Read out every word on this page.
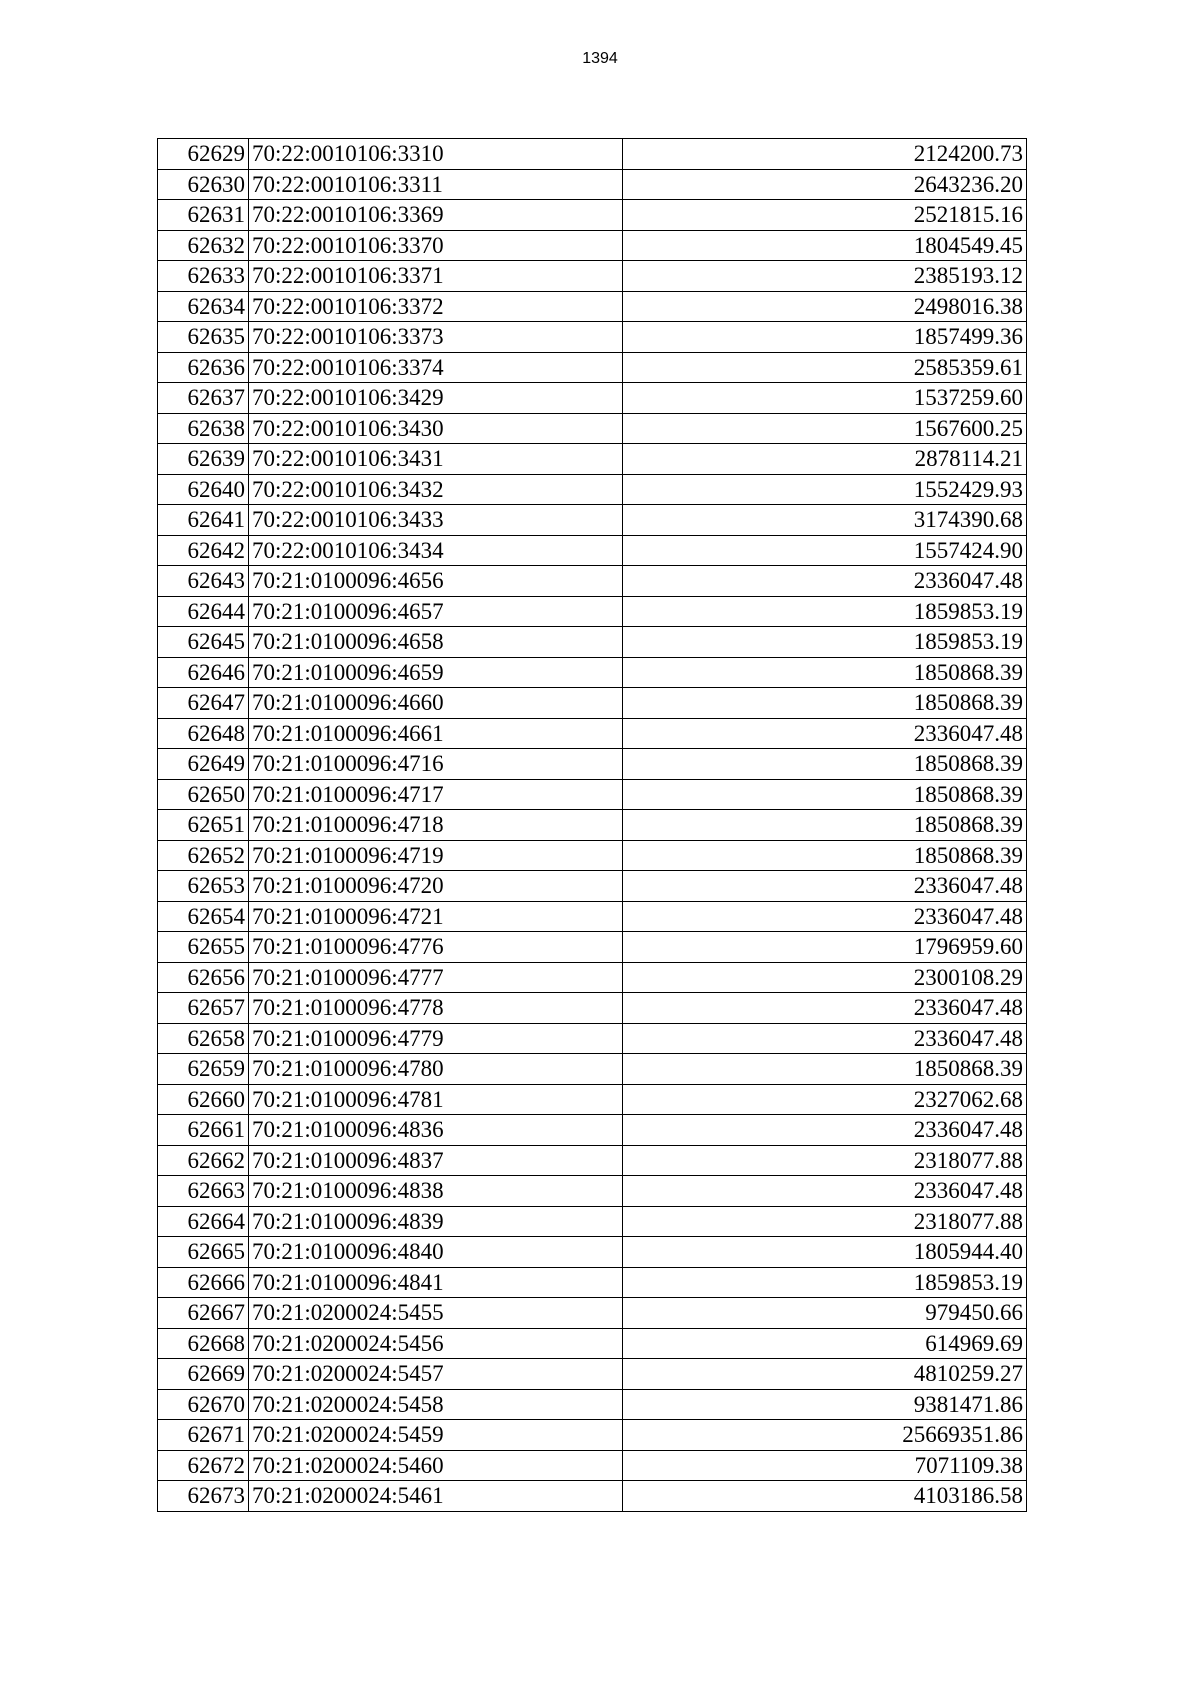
1394
62629	70:22:0010106:3310	2124200.73
62630	70:22:0010106:3311	2643236.20
62631	70:22:0010106:3369	2521815.16
62632	70:22:0010106:3370	1804549.45
62633	70:22:0010106:3371	2385193.12
62634	70:22:0010106:3372	2498016.38
62635	70:22:0010106:3373	1857499.36
62636	70:22:0010106:3374	2585359.61
62637	70:22:0010106:3429	1537259.60
62638	70:22:0010106:3430	1567600.25
62639	70:22:0010106:3431	2878114.21
62640	70:22:0010106:3432	1552429.93
62641	70:22:0010106:3433	3174390.68
62642	70:22:0010106:3434	1557424.90
62643	70:21:0100096:4656	2336047.48
62644	70:21:0100096:4657	1859853.19
62645	70:21:0100096:4658	1859853.19
62646	70:21:0100096:4659	1850868.39
62647	70:21:0100096:4660	1850868.39
62648	70:21:0100096:4661	2336047.48
62649	70:21:0100096:4716	1850868.39
62650	70:21:0100096:4717	1850868.39
62651	70:21:0100096:4718	1850868.39
62652	70:21:0100096:4719	1850868.39
62653	70:21:0100096:4720	2336047.48
62654	70:21:0100096:4721	2336047.48
62655	70:21:0100096:4776	1796959.60
62656	70:21:0100096:4777	2300108.29
62657	70:21:0100096:4778	2336047.48
62658	70:21:0100096:4779	2336047.48
62659	70:21:0100096:4780	1850868.39
62660	70:21:0100096:4781	2327062.68
62661	70:21:0100096:4836	2336047.48
62662	70:21:0100096:4837	2318077.88
62663	70:21:0100096:4838	2336047.48
62664	70:21:0100096:4839	2318077.88
62665	70:21:0100096:4840	1805944.40
62666	70:21:0100096:4841	1859853.19
62667	70:21:0200024:5455	979450.66
62668	70:21:0200024:5456	614969.69
62669	70:21:0200024:5457	4810259.27
62670	70:21:0200024:5458	9381471.86
62671	70:21:0200024:5459	25669351.86
62672	70:21:0200024:5460	7071109.38
62673	70:21:0200024:5461	4103186.58
